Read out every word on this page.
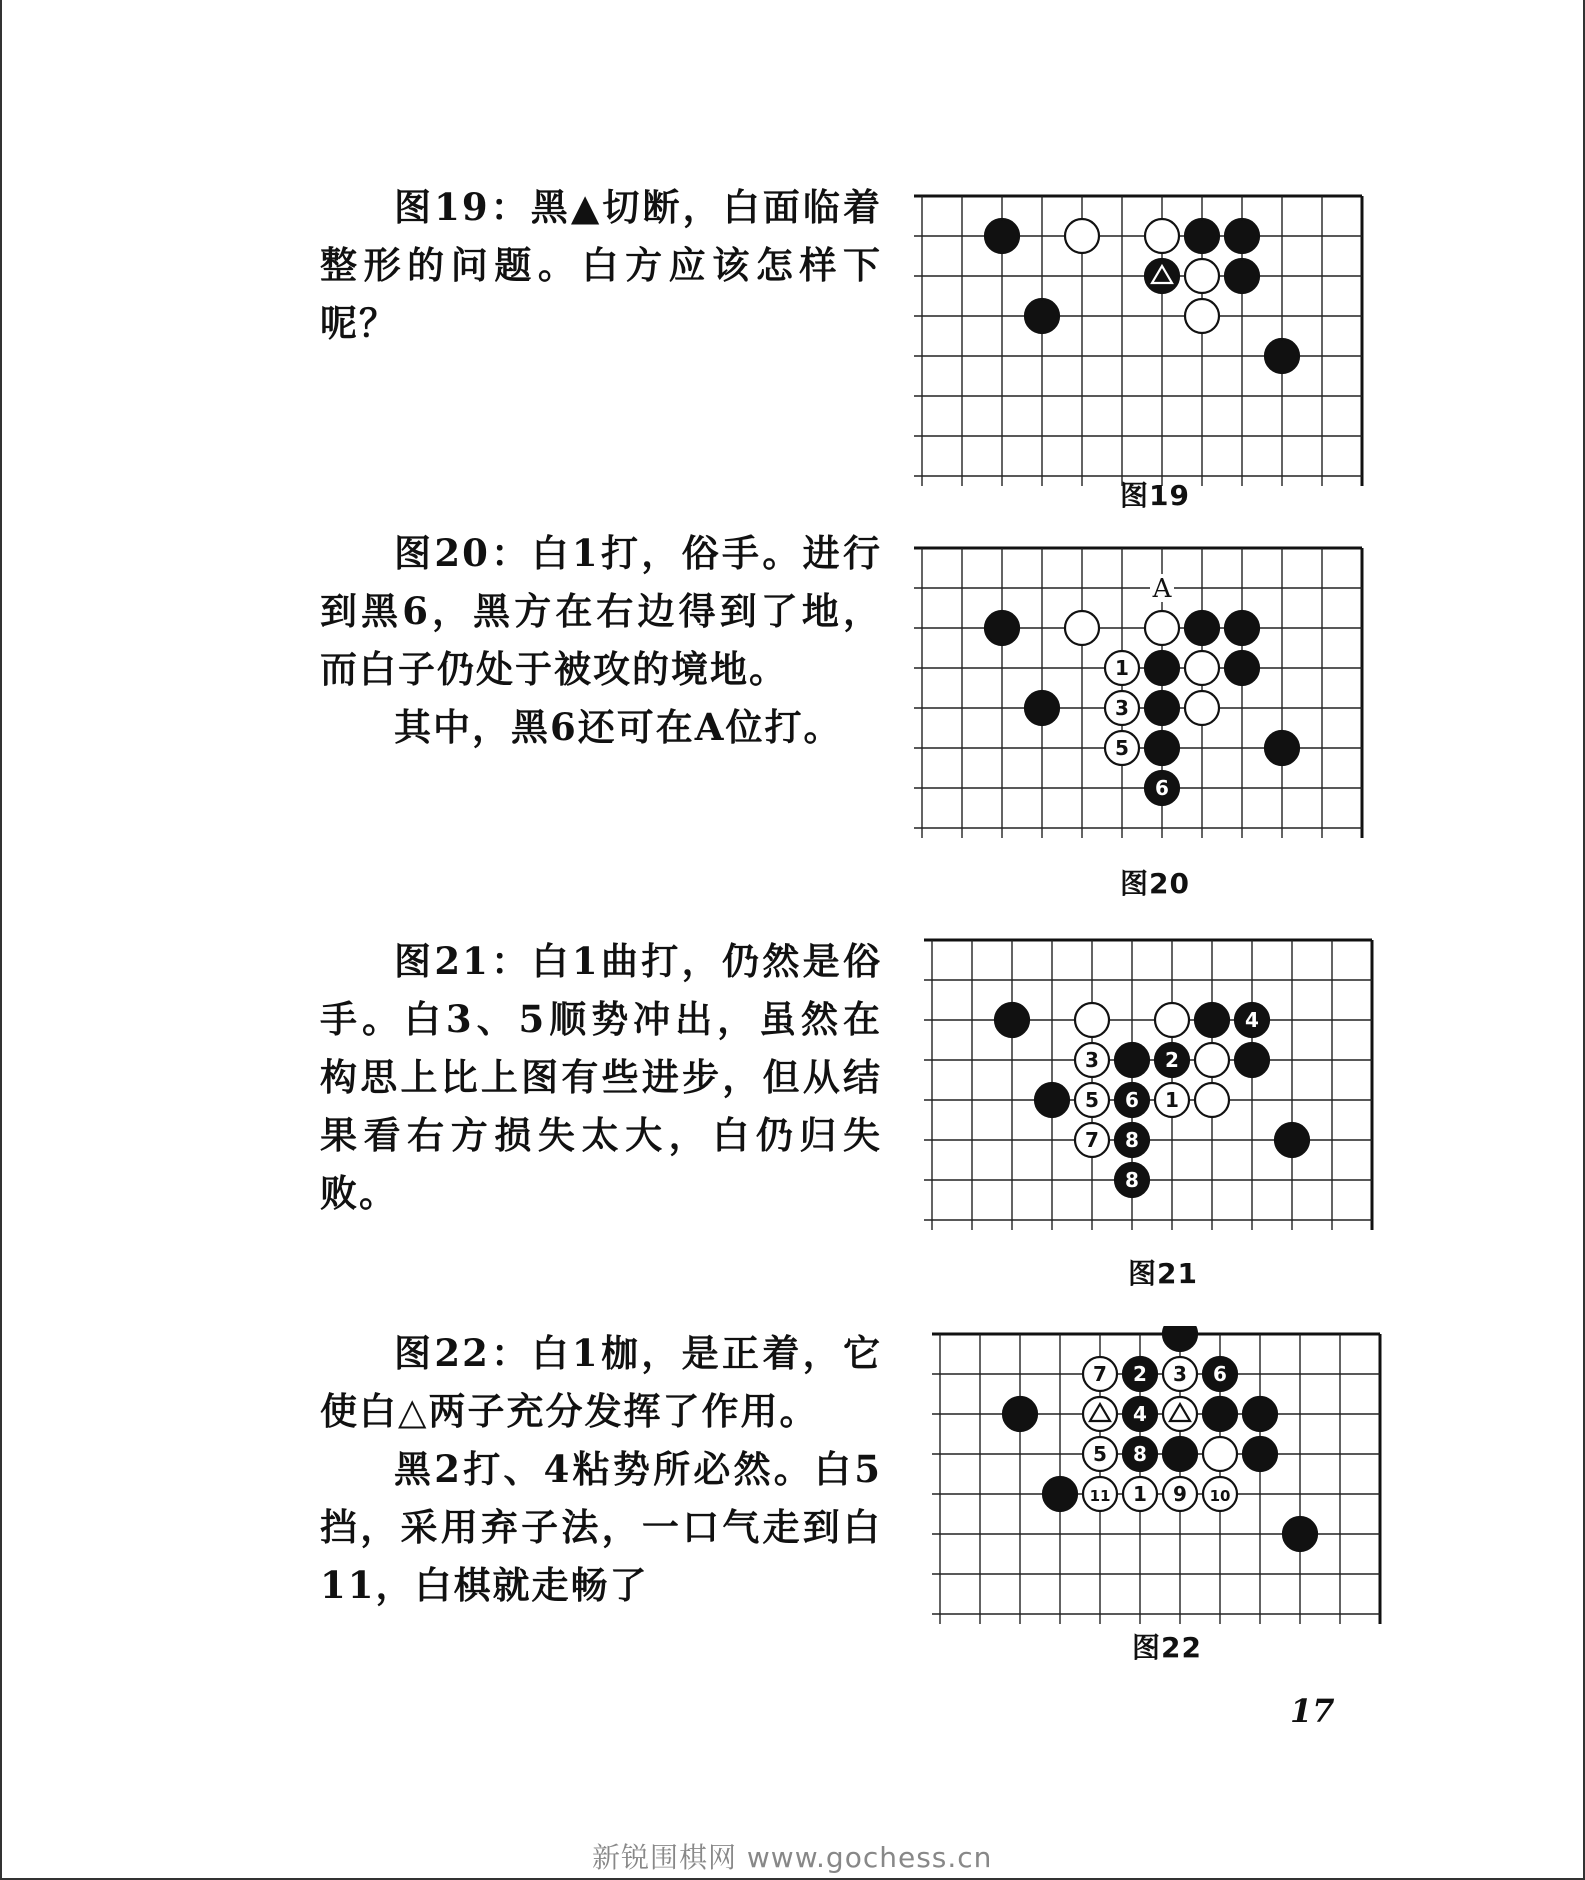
图19：黑▲切断，白面临着整形的问题。白方应该怎样下呢？

图19

图20：白1打，俗手。进行到黑6，黑方在右边得到了地，而白子仍处于被攻的境地。

其中，黑6还可在A位打。

1
3
5
6
A
图20

图21：白1曲打，仍然是俗手。白3、5顺势冲出，虽然在构思上比上图有些进步，但从结果看右方损失太大，白仍归失败。

4
3	2
5 6 1
7 8
8
图21

图22：白1枷，是正着，它使白△两子充分发挥了作用。

黑2打、4粘势所必然。白5挡，采用弃子法，一口气走到白11，白棋就走畅了

7 2 3 6
4
5 8
11 1 9 10
图22
17
新锐围棋网 www.gochess.cn
